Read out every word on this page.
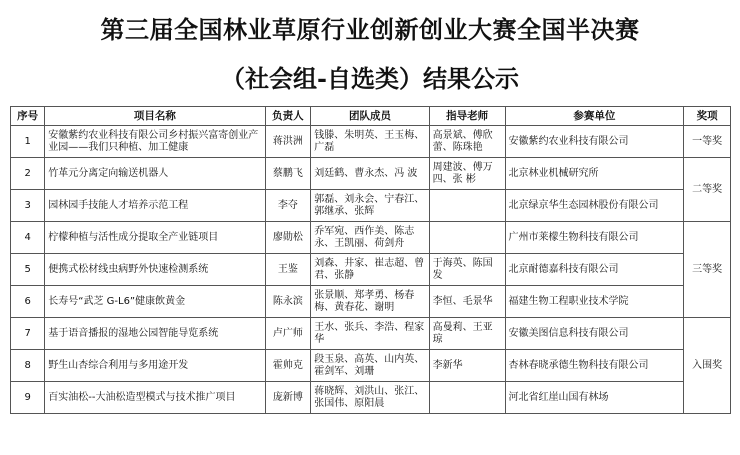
第三届全国林业草原行业创新创业大赛全国半决赛
（社会组-自选类）结果公示
序号	项目名称	负责人	团队成员	指导老师	参赛单位	奖项
1	安徽紫约农业科技有限公司乡村振兴富寄创业产业园——我们只种植、加工健康	蒋洪洲	钱滕、朱明英、王玉梅、广磊	高景斌、傅欣蕾、陈珠艳	安徽紫约农业科技有限公司	一等奖
2	竹革元分离定向输送机器人	蔡鹏飞	刘廷鹤、曹永杰、冯 波	周建波、傅万四、张 彬	北京林业机械研究所	二等奖
3	园林园手技能人才培养示范工程	李夺	郭磊、刘永会、宁春江、郭继承、张辉		北京绿京华生态园林股份有限公司	
4	柠檬种植与活性成分提取全产业链项目	廖勋松	乔军宛、西作美、陈志永、王凯丽、荷剑舟		广州市莱檬生物科技有限公司	三等奖
5	便携式松材线虫病野外快速检测系统	王鉴	刘森、井家、崔志超、曾君、张静	于海英、陈国发	北京耐德嘉科技有限公司	
6	长寿号“武芝 G-L6”健康飲黄金	陈永滨	张景顺、郑孝勇、杨春梅、黄春花、谢明	李恒、毛景华	福建生物工程职业技术学院	
7	基于语音播报的湿地公园智能导览系统	卢广师	王水、张兵、李浩、程家华	高曼莉、王亚琼	安徽美图信息科技有限公司	入围奖
8	野生山杏综合利用与多用途开发	霍帅克	段玉泉、高英、山内英、霍剑军、刘珊	李新华	杏林春晓承德生物科技有限公司	
9	百实油松--大油松造型模式与技术推广项目	庞新博	蒋晓辉、刘洪山、张江、张国伟、原阳晨		河北省红崖山国有林场	
